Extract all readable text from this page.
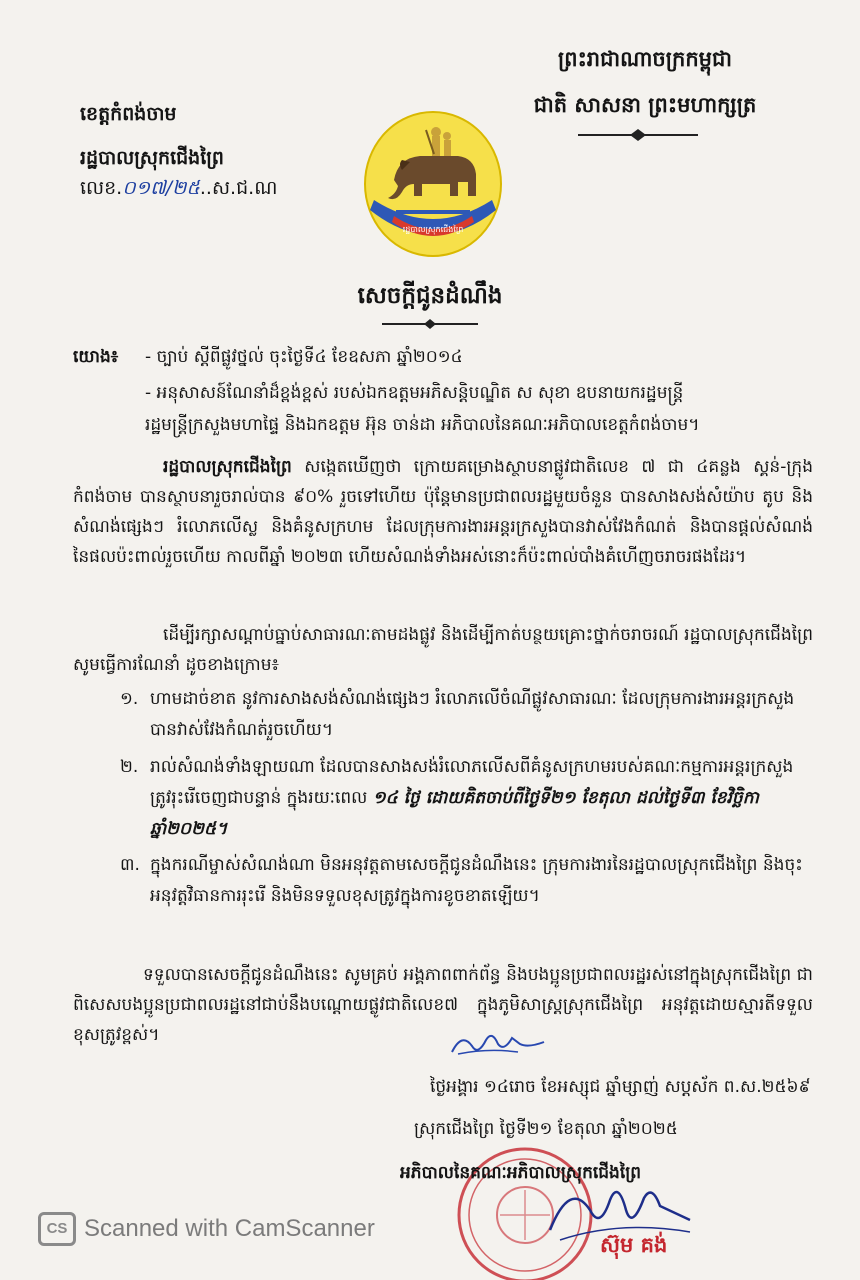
ព្រះរាជាណាចក្រកម្ពុជា
ជាតិ សាសនា ព្រះមហាក្សត្រ
ខេត្តកំពង់ចាម
រដ្ឋបាលស្រុកជើងព្រៃ
លេខ.០១៧/២៥..ស.ជ.ណ
រដ្ឋបាលស្រុកជើងព្រៃ
សេចក្តីជូនដំណឹង
យោង៖ - ច្បាប់ ស្តីពីផ្លូវថ្នល់ ចុះថ្ងៃទី៤ ខែឧសភា ឆ្នាំ២០១៤
- អនុសាសន៍ណែនាំដ៏ខ្ពង់ខ្ពស់ របស់ឯកឧត្តមអភិសន្តិបណ្ឌិត ស សុខា ឧបនាយករដ្ឋមន្ត្រី
រដ្ឋមន្ត្រីក្រសួងមហាផ្ទៃ និងឯកឧត្តម អ៊ុន ចាន់ដា អភិបាលនៃគណៈអភិបាលខេត្តកំពង់ចាម។
រដ្ឋបាលស្រុកជើងព្រៃ សង្កេតឃើញថា ក្រោយគម្រោងស្ថាបនាផ្លូវជាតិលេខ ៧ ជា ៤គន្លង ស្គន់-ក្រុងកំពង់ចាម បានស្ថាបនារួចរាល់បាន ៩០% រួចទៅហើយ ប៉ុន្តែមានប្រជាពលរដ្ឋមួយចំនួន បានសាងសង់សំយ៉ាប តូប និងសំណង់ផ្សេងៗ រំលោភលើស្ល និងគំនូសក្រហម ដែលក្រុមការងារអន្តរក្រសួងបានវាស់វែងកំណត់ និងបានផ្តល់សំណង់នៃផលប៉ះពាល់រួចហើយ កាលពីឆ្នាំ ២០២៣ ហើយសំណង់ទាំងអស់នោះក៏ប៉ះពាល់បាំងគំហើញចរាចរផងដែរ។
ដើម្បីរក្សាសណ្តាប់ធ្នាប់សាធារណៈតាមដងផ្លូវ និងដើម្បីកាត់បន្ថយគ្រោះថ្នាក់ចរាចរណ៍ រដ្ឋបាលស្រុកជើងព្រៃ សូមធ្វើការណែនាំ ដូចខាងក្រោម៖
១. ហាមដាច់ខាត នូវការសាងសង់សំណង់ផ្សេងៗ រំលោភលើចំណីផ្លូវសាធារណៈ ដែលក្រុមការងារអន្តរក្រសួងបានវាស់វែងកំណត់រួចហើយ។
២. រាល់សំណង់ទាំងឡាយណា ដែលបានសាងសង់រំលោភលើសពីគំនូសក្រហមរបស់គណៈកម្មការអន្តរក្រសួង ត្រូវរុះរើចេញជាបន្ទាន់ ក្នុងរយៈពេល ១៤ ថ្ងៃ ដោយគិតចាប់ពីថ្ងៃទី២១ ខែតុលា ដល់ថ្ងៃទី៣ ខែវិច្ឆិកា ឆ្នាំ២០២៥។
៣. ក្នុងករណីម្ចាស់សំណង់ណា មិនអនុវត្តតាមសេចក្តីជូនដំណឹងនេះ ក្រុមការងារនៃរដ្ឋបាលស្រុកជើងព្រៃ និងចុះអនុវត្តវិធានការរុះរើ និងមិនទទួលខុសត្រូវក្នុងការខូចខាតឡើយ។
ទទួលបានសេចក្តីជូនដំណឹងនេះ សូមគ្រប់ អង្គភាពពាក់ព័ន្ធ និងបងប្អូនប្រជាពលរដ្ឋរស់នៅក្នុងស្រុកជើងព្រៃ ជាពិសេសបងប្អូនប្រជាពលរដ្ឋនៅជាប់នឹងបណ្តោយផ្លូវជាតិលេខ៧ ក្នុងភូមិសាស្ត្រស្រុកជើងព្រៃ អនុវត្តដោយស្មារតីទទួលខុសត្រូវខ្ពស់។
ថ្ងៃអង្គារ ១៤រោច ខែអស្សុជ ឆ្នាំម្សាញ់ សប្តស័ក ព.ស.២៥៦៩
ស្រុកជើងព្រៃ ថ្ងៃទី២១ ខែតុលា ឆ្នាំ២០២៥
អភិបាលនៃគណៈអភិបាលស្រុកជើងព្រៃ
ស៊ុម គង់
CS Scanned with CamScanner
